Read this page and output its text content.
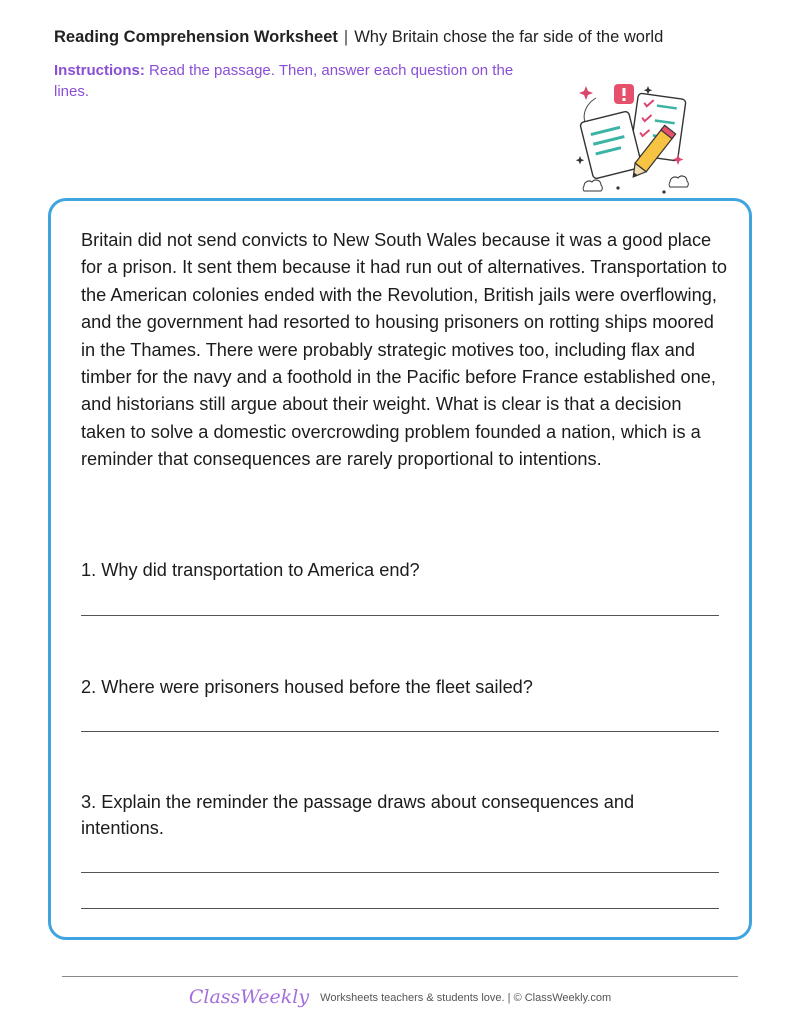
Reading Comprehension Worksheet | Why Britain chose the far side of the world
Instructions: Read the passage. Then, answer each question on the lines.

Britain did not send convicts to New South Wales because it was a good place for a prison. It sent them because it had run out of alternatives. Transportation to the American colonies ended with the Revolution, British jails were overflowing, and the government had resorted to housing prisoners on rotting ships moored in the Thames. There were probably strategic motives too, including flax and timber for the navy and a foothold in the Pacific before France established one, and historians still argue about their weight. What is clear is that a decision taken to solve a domestic overcrowding problem founded a nation, which is a reminder that consequences are rarely proportional to intentions.

1. Why did transportation to America end?
2. Where were prisoners housed before the fleet sailed?
3. Explain the reminder the passage draws about consequences and intentions.
ClassWeekly Worksheets teachers & students love. | © ClassWeekly.com
